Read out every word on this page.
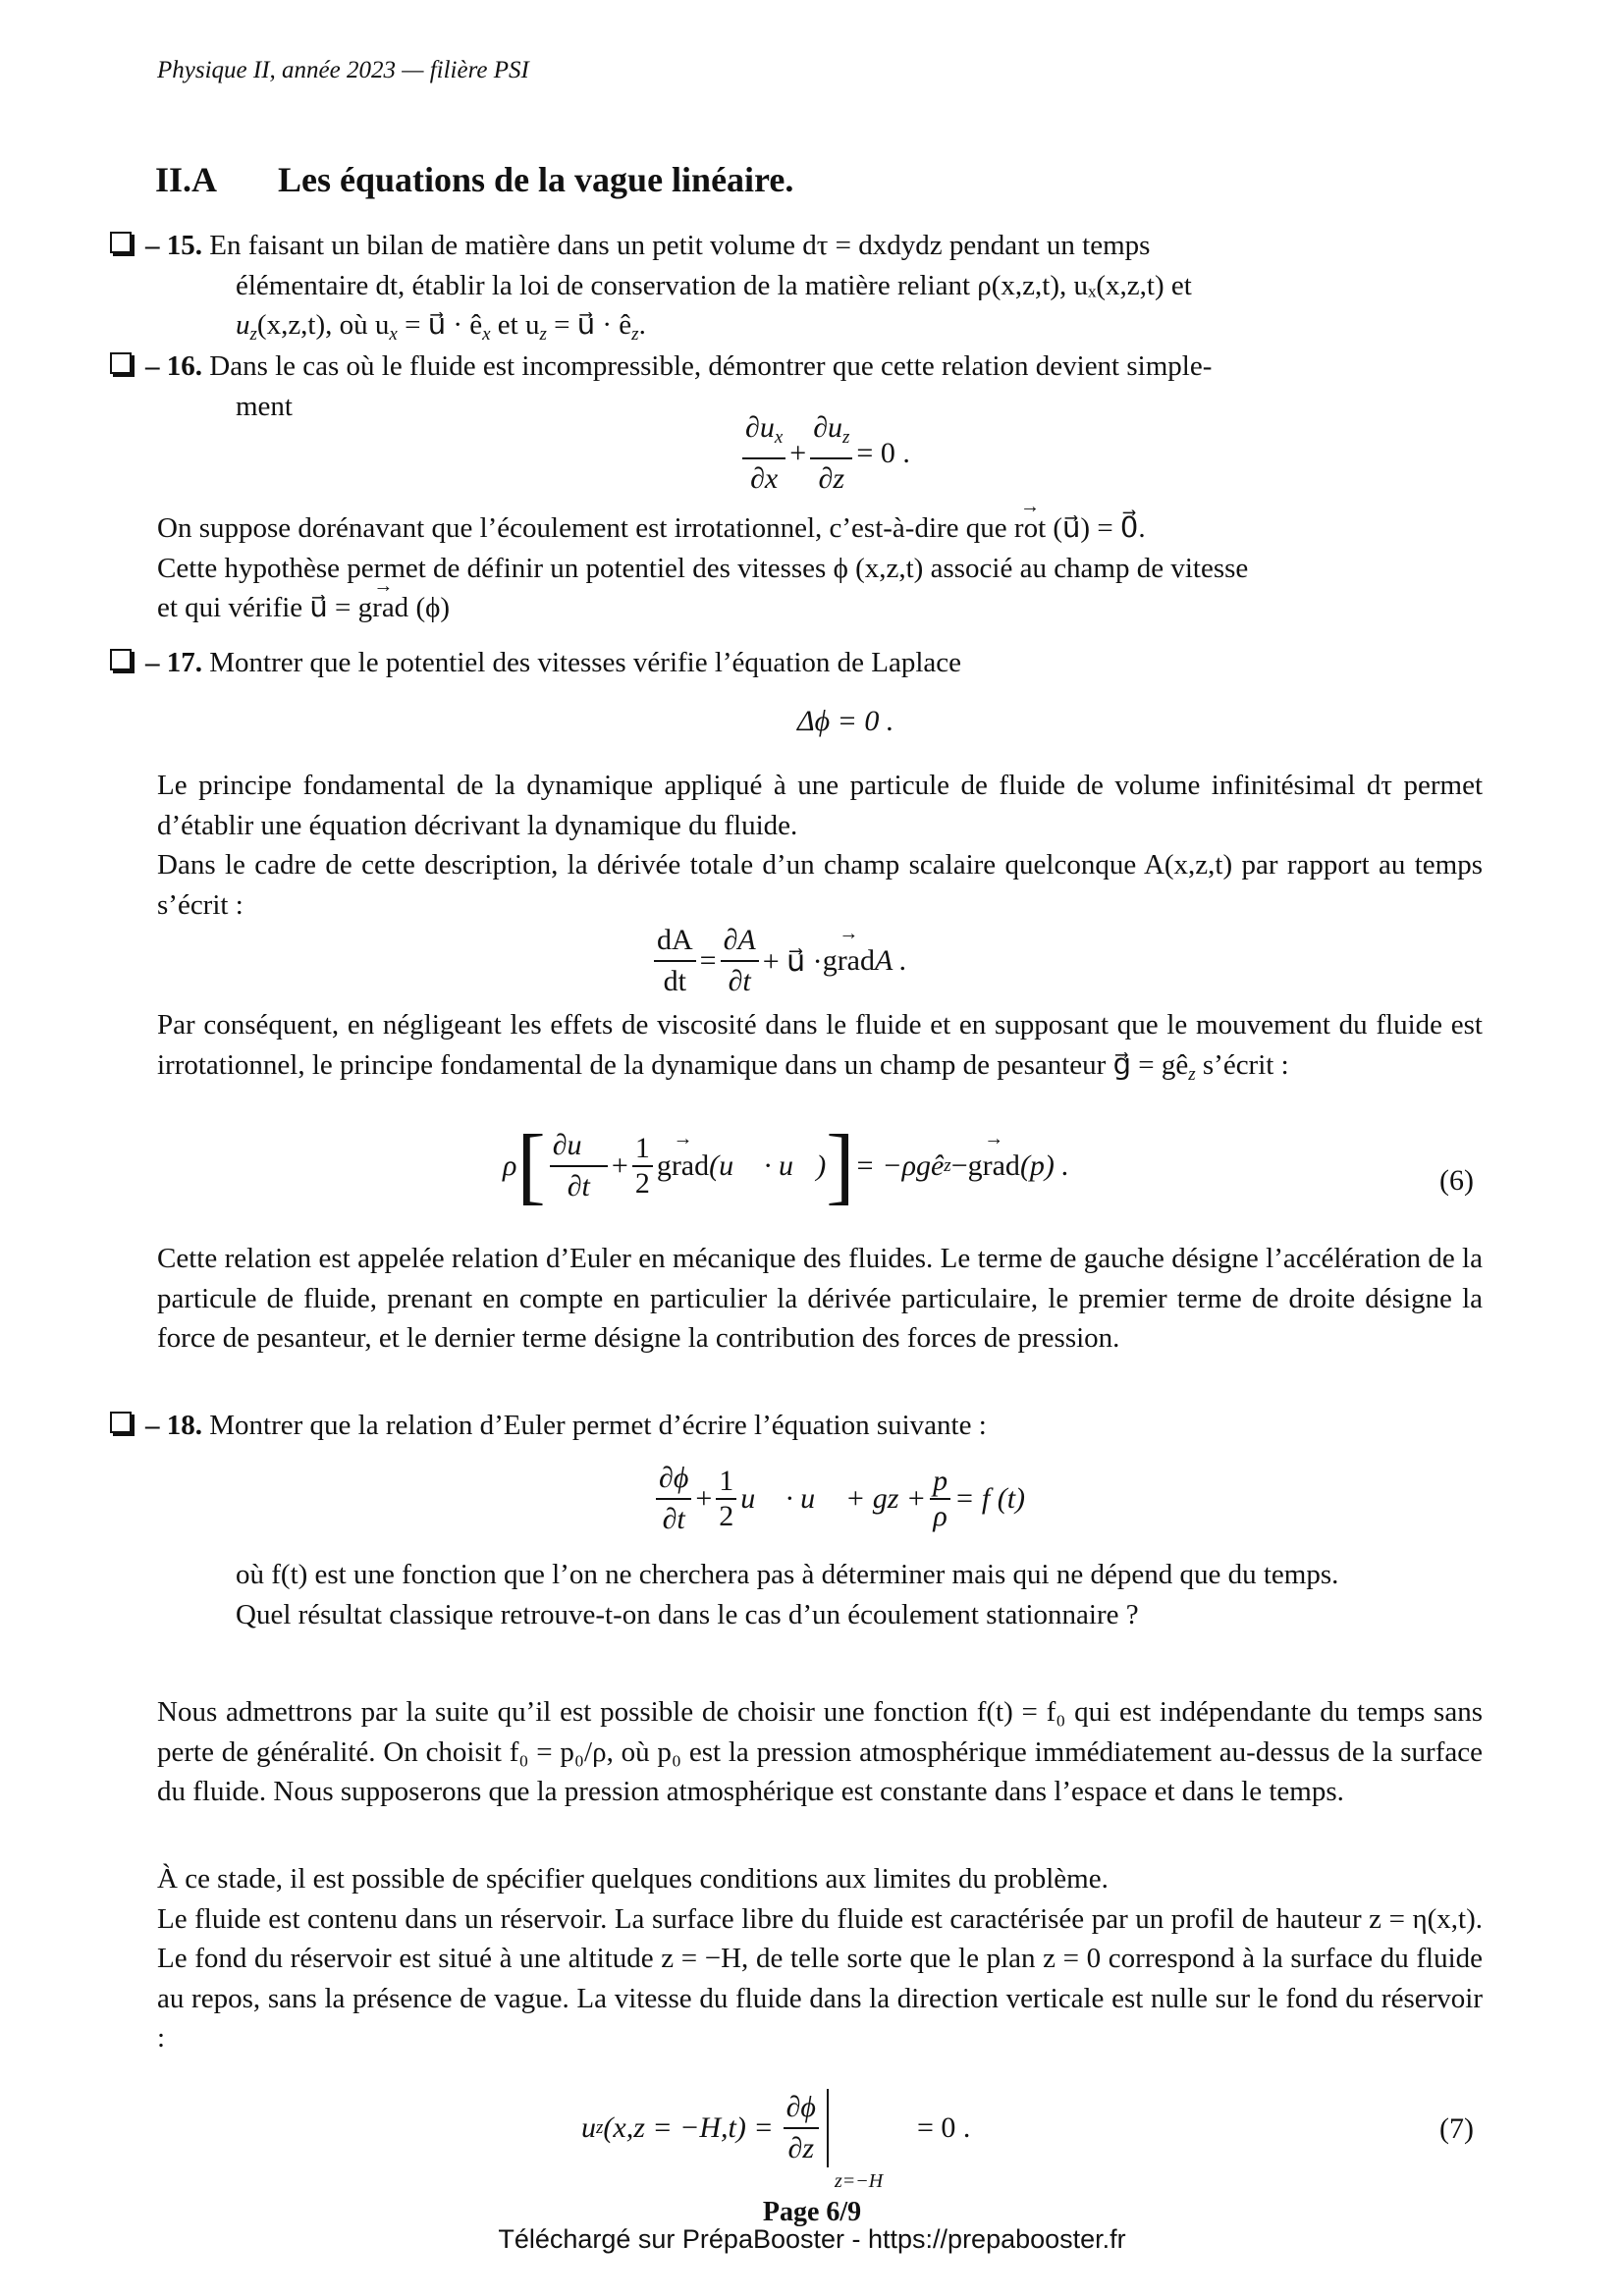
Physique II, année 2023 — filière PSI
II.A Les équations de la vague linéaire.
– 15. En faisant un bilan de matière dans un petit volume dτ = dxdydz pendant un temps
élémentaire dt, établir la loi de conservation de la matière reliant ρ(x,z,t), uₓ(x,z,t) et
$u_z(x,z,t)$, où $u_x$ = u⃗ · $ê_x$ et $u_z$ = u⃗ · $ê_z$.
– 16. Dans le cas où le fluide est incompressible, démontrer que cette relation devient simple-
ment
$\frac{\partial u_x}{\partial x} + \frac{\partial u_z}{\partial z} = 0$ .
On suppose dorénavant que l’écoulement est irrotationnel, c’est-à-dire que → rot (u⃗) = 0⃗.
Cette hypothèse permet de définir un potentiel des vitesses ϕ (x,z,t) associé au champ de vitesse
et qui vérifie u⃗ = → grad (ϕ)
– 17. Montrer que le potentiel des vitesses vérifie l’équation de Laplace
Δϕ = 0 .
Le principe fondamental de la dynamique appliqué à une particule de fluide de volume infinitésimal dτ permet d’établir une équation décrivant la dynamique du fluide.
Dans le cadre de cette description, la dérivée totale d’un champ scalaire quelconque A(x,z,t) par rapport au temps s’écrit :
$\frac{dA}{dt} = \frac{\partial A}{\partial t}$ + u⃗ · → grad A .
Par conséquent, en négligeant les effets de viscosité dans le fluide et en supposant que le mouvement du fluide est irrotationnel, le principe fondamental de la dynamique dans un champ de pesanteur g⃗ = $gê_z$ s’écrit :
ρ [ $\frac{\partial u⃗}{\partial t} + \frac{1}{2}$ → grad (u⃗ · u⃗) ] = −ρgê z − → grad (p) .	(6)
Cette relation est appelée relation d’Euler en mécanique des fluides. Le terme de gauche désigne l’accélération de la particule de fluide, prenant en compte en particulier la dérivée particulaire, le premier terme de droite désigne la force de pesanteur, et le dernier terme désigne la contribution des forces de pression.
– 18. Montrer que la relation d’Euler permet d’écrire l’équation suivante :
$\frac{\partial\phi}{\partial t} + \frac{1}{2}$ u⃗ · u⃗ + gz + $\frac{p}{\rho} = f$ (t)
où f(t) est une fonction que l’on ne cherchera pas à déterminer mais qui ne dépend que du temps.
Quel résultat classique retrouve-t-on dans le cas d’un écoulement stationnaire ?
Nous admettrons par la suite qu’il est possible de choisir une fonction f(t) = f₀ qui est indépendante du temps sans perte de généralité. On choisit f₀ = p₀/ρ, où p₀ est la pression atmosphérique immédiatement au-dessus de la surface du fluide. Nous supposerons que la pression atmosphérique est constante dans l’espace et dans le temps.
À ce stade, il est possible de spécifier quelques conditions aux limites du problème.
Le fluide est contenu dans un réservoir. La surface libre du fluide est caractérisée par un profil de hauteur z = η(x,t). Le fond du réservoir est situé à une altitude z = −H, de telle sorte que le plan z = 0 correspond à la surface du fluide au repos, sans la présence de vague. La vitesse du fluide dans la direction verticale est nulle sur le fond du réservoir :
u z $(x,z = -H,t) = \frac{\partial\phi}{\partial z}$
z=−H
= 0 .	(7)
Page 6/9
Téléchargé sur PrépaBooster - https://prepabooster.fr
